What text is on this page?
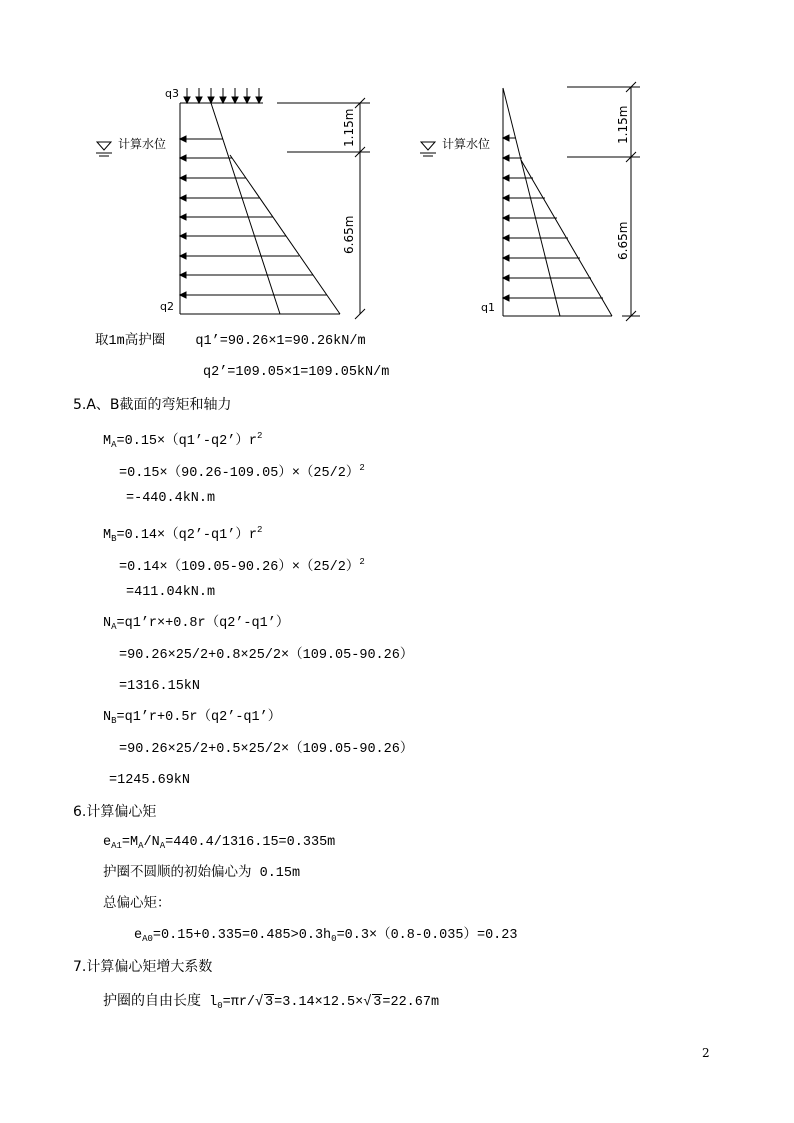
q3
计算水位
q2
1.15m
6.65m
计算水位
q1
1.15m
6.65m
取1m高护圈 q1’=90.26×1=90.26kN/m
q2’=109.05×1=109.05kN/m
5.A、B截面的弯矩和轴力
$M_A=0.15\times(q1’-q2’)r^2$
$=0.15\times(90.26-109.05)\times(25/2)^2$
=-440.4kN.m
$M_B=0.14\times(q2’-q1’)r^2$
$=0.14\times(109.05-90.26)\times(25/2)^2$
=411.04kN.m
$N_A=q1’r\times+0.8r(q2’-q1’)$
=90.26×25/2+0.8×25/2×（109.05-90.26）
=1316.15kN
$N_B=q1’r+0.5r(q2’-q1’)$
=90.26×25/2+0.5×25/2×（109.05-90.26）
=1245.69kN
6.计算偏心矩
$e_{A1}=M_A/N_A=440.4/1316.15=0.335m$
护圈不圆顺的初始偏心为 0.15m
总偏心矩：
$e_{A0}=0.15+0.335=0.485>0.3h_0=0.3\times(0.8-0.035)=0.23$
7.计算偏心矩增大系数
护圈的自由长度 $l_0=\pi r/√$ 3=3.14×12.5×√ 3=22.67m
2
